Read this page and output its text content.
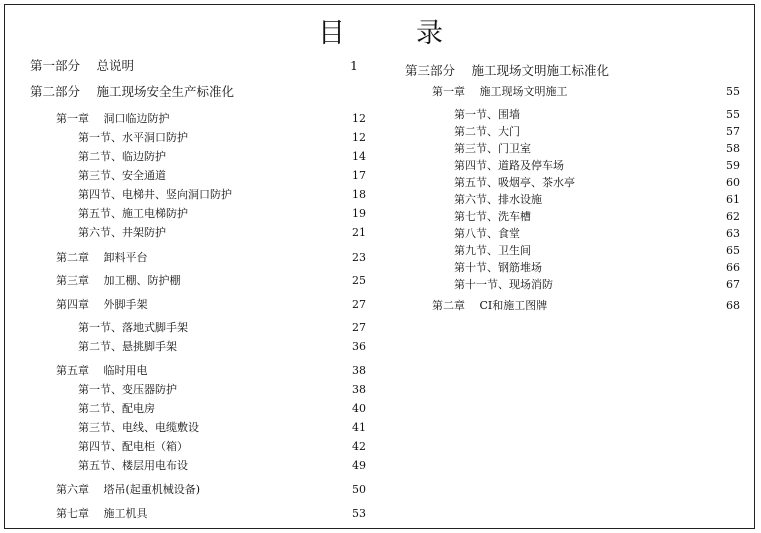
目　录
第一部分　 总说明	1
第二部分　 施工现场安全生产标准化
第一章　 洞口临边防护	12
第一节、水平洞口防护	12
第二节、临边防护	14
第三节、安全通道	17
第四节、电梯井、竖向洞口防护	18
第五节、施工电梯防护	19
第六节、井架防护	21
第二章　 卸料平台	23
第三章　 加工棚、防护棚	25
第四章　 外脚手架	27
第一节、落地式脚手架	27
第二节、悬挑脚手架	36
第五章　 临时用电	38
第一节、变压器防护	38
第二节、配电房	40
第三节、电线、电缆敷设	41
第四节、配电柜（箱）	42
第五节、楼层用电布设	49
第六章　 塔吊(起重机械设备)	50
第七章　 施工机具	53
第三部分　 施工现场文明施工标准化
第一章　 施工现场文明施工	55
第一节、围墙	55
第二节、大门	57
第三节、门卫室	58
第四节、道路及停车场	59
第五节、吸烟亭、茶水亭	60
第六节、排水设施	61
第七节、洗车槽	62
第八节、食堂	63
第九节、卫生间	65
第十节、钢筋堆场	66
第十一节、现场消防	67
第二章　 CI和施工图牌	68
